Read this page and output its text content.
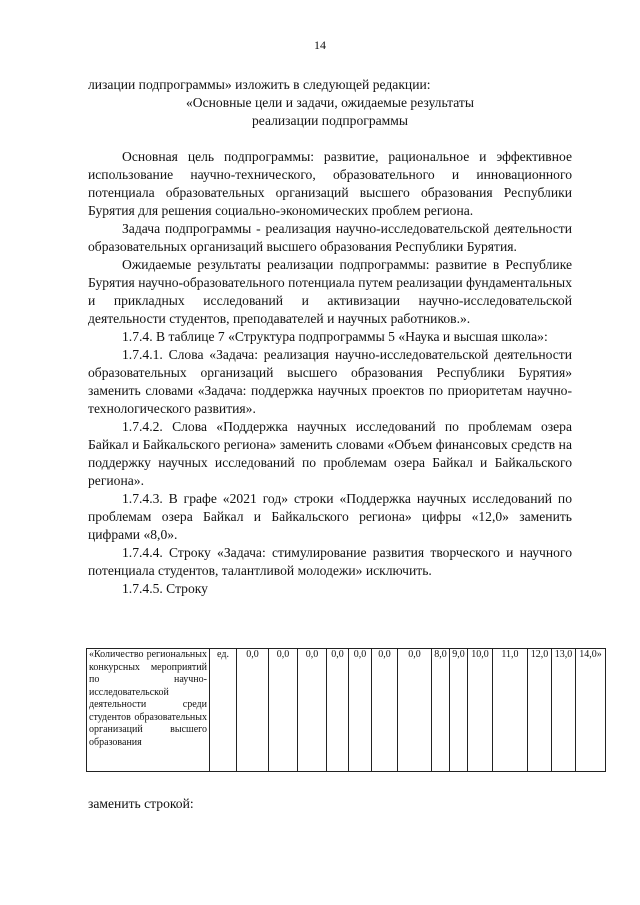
14

лизации подпрограммы» изложить в следующей редакции:

«Основные цели и задачи, ожидаемые результаты

реализации подпрограммы

Основная цель подпрограммы: развитие, рациональное и эффективное использование научно-технического, образовательного и инновационного потенциала образовательных организаций высшего образования Республики Бурятия для решения социально-экономических проблем региона.

Задача подпрограммы - реализация научно-исследовательской деятельности образовательных организаций высшего образования Республики Бурятия.

Ожидаемые результаты реализации подпрограммы: развитие в Республике Бурятия научно-образовательного потенциала путем реализации фундаментальных и прикладных исследований и активизации научно-исследовательской деятельности студентов, преподавателей и научных работников.».

1.7.4. В таблице 7 «Структура подпрограммы 5 «Наука и высшая школа»:

1.7.4.1. Слова «Задача: реализация научно-исследовательской деятельности образовательных организаций высшего образования Республики Бурятия» заменить словами «Задача: поддержка научных проектов по приоритетам научно-технологического развития».

1.7.4.2. Слова «Поддержка научных исследований по проблемам озера Байкал и Байкальского региона» заменить словами «Объем финансовых средств на поддержку научных исследований по проблемам озера Байкал и Байкальского региона».

1.7.4.3. В графе «2021 год» строки «Поддержка научных исследований по проблемам озера Байкал и Байкальского региона» цифры «12,0» заменить цифрами «8,0».

1.7.4.4. Строку «Задача: стимулирование развития творческого и научного потенциала студентов, талантливой молодежи» исключить.

1.7.4.5. Строку

«Количество региональных конкурсных мероприятий по научно-исследовательской деятельности среди студентов образовательных организаций высшего образования	ед.	0,0	0,0	0,0	0,0	0,0	0,0	0,0	8,0	9,0	10,0	11,0	12,0	13,0	14,0»

заменить строкой:
